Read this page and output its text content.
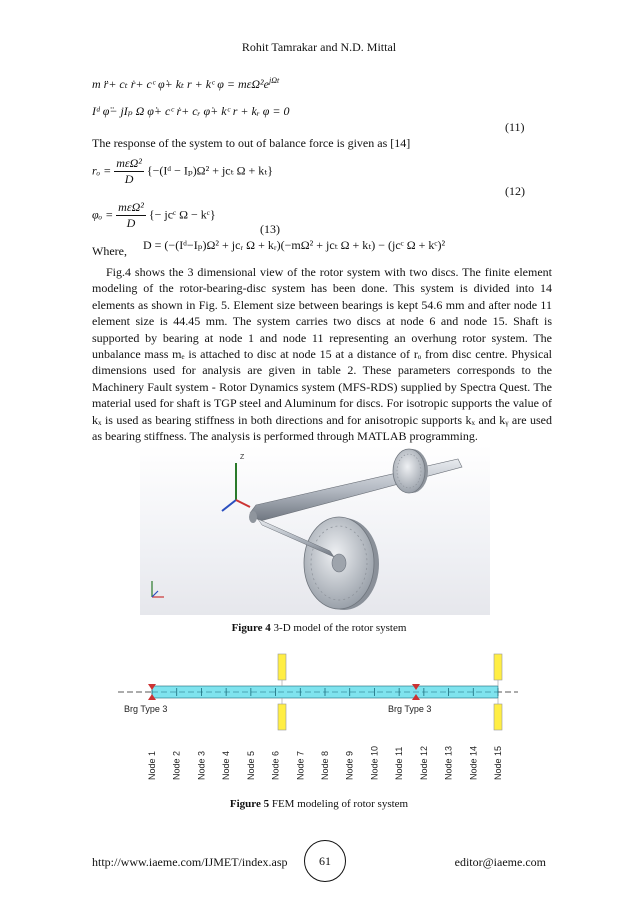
Rohit Tamrakar and N.D. Mittal
m r̈+ cₜ ṙ+ cᶜ φ̇+ kₜ r + kᶜ $\varphi = m\varepsilon\Omega^2e^{j\Omega t}$
Iᵈ φ̈− jIₚ Ω φ̇+ cᶜ ṙ+ cᵣ φ̇+ kᶜ r + kᵣ φ = 0
(11)
The response of the system to out of balance force is given as [14]
$r_o = \frac{\text{mεΩ²}}{D}$ {−(Iᵈ − Iₚ)Ω² + jcₜ Ω + kₜ}
(12)
$\varphi_o = \frac{\text{mεΩ²}}{D}$ {− jcᶜ Ω − kᶜ}
(13)
Where, D = (−(Iᵈ−Iₚ)Ω² + jcᵣ Ω + kᵣ)(−mΩ² + jcₜ Ω + kₜ) − (jcᶜ Ω + kᶜ)²
Fig.4 shows the 3 dimensional view of the rotor system with two discs. The finite element modeling of the rotor-bearing-disc system has been done. This system is divided into 14 elements as shown in Fig. 5. Element size between bearings is kept 54.6 mm and after node 11 element size is 44.45 mm. The system carries two discs at node 6 and node 15. Shaft is supported by bearing at node 1 and node 11 representing an overhung rotor system. The unbalance mass mₑ is attached to disc at node 15 at a distance of rₒ from disc centre. Physical dimensions used for analysis are given in table 2. These parameters corresponds to the Machinery Fault system - Rotor Dynamics system (MFS-RDS) supplied by Spectra Quest. The material used for shaft is TGP steel and Aluminum for discs. For isotropic supports the value of kₓ is used as bearing stiffness in both directions and for anisotropic supports kₓ and kᵧ are used as bearing stiffness. The analysis is performed through MATLAB programming.
Z
Figure 4 3-D model of the rotor system
Brg Type 3	Brg Type 3
Node 1 Node 2 Node 3 Node 4 Node 5 Node 6 Node 7 Node 8 Node 9 Node 10 Node 11 Node 12 Node 13 Node 14 Node 15
Figure 5 FEM modeling of rotor system
http://www.iaeme.com/IJMET/index.asp	61	editor@iaeme.com
